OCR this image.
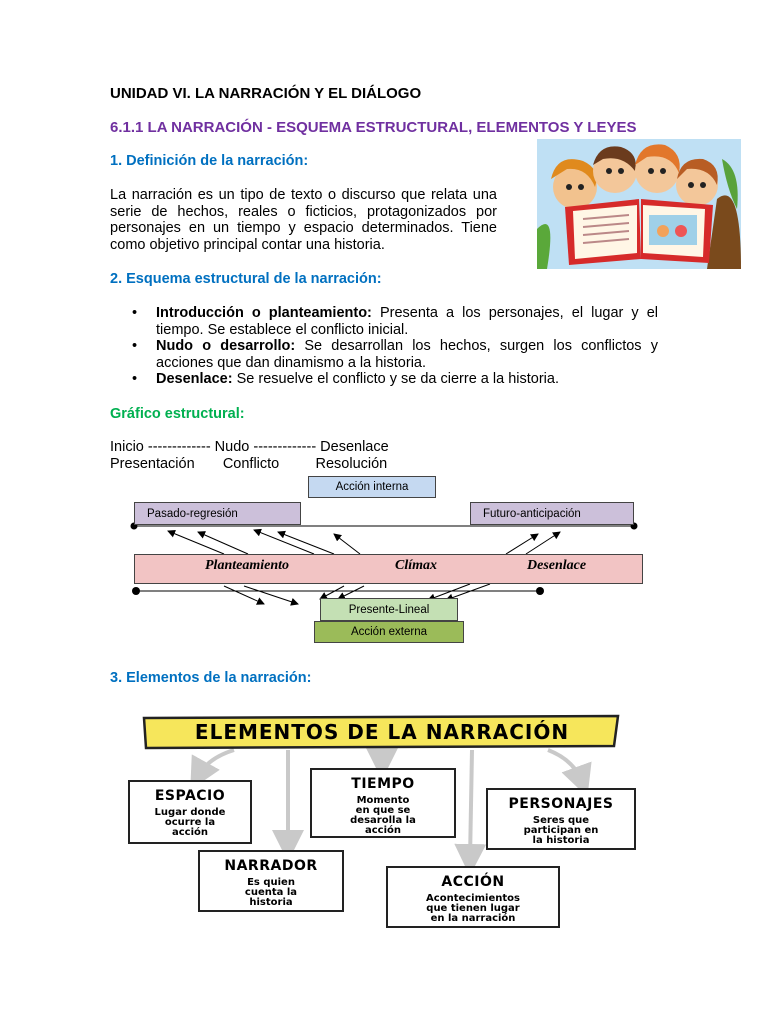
UNIDAD VI. LA NARRACIÓN Y EL DIÁLOGO
6.1.1 LA NARRACIÓN - ESQUEMA ESTRUCTURAL, ELEMENTOS Y LEYES
1. Definición de la narración:
La narración es un tipo de texto o discurso que relata una serie de hechos, reales o ficticios, protagonizados por personajes en un tiempo y espacio determinados. Tiene como objetivo principal contar una historia.
2. Esquema estructural de la narración:
• Introducción o planteamiento: Presenta a los personajes, el lugar y el tiempo. Se establece el conflicto inicial.
• Nudo o desarrollo: Se desarrollan los hechos, surgen los conflictos y acciones que dan dinamismo a la historia.
• Desenlace: Se resuelve el conflicto y se da cierre a la historia.
Gráfico estructural:
Inicio ------------- Nudo ------------- Desenlace
Presentación       Conflicto         Resolución
Acción interna
Pasado-regresión	Futuro-anticipación
Planteamiento	Clímax	Desenlace
Presente-Lineal
Acción externa
3. Elementos de la narración:
ELEMENTOS DE LA NARRACIÓN
ESPACIO
Lugar donde
ocurre la
acción
TIEMPO
Momento
en que se
desarolla la
acción
PERSONAJES
Seres que
participan en
la historia
NARRADOR
Es quien
cuenta la
historia
ACCIÓN
Acontecimientos
que tienen lugar
en la narración
